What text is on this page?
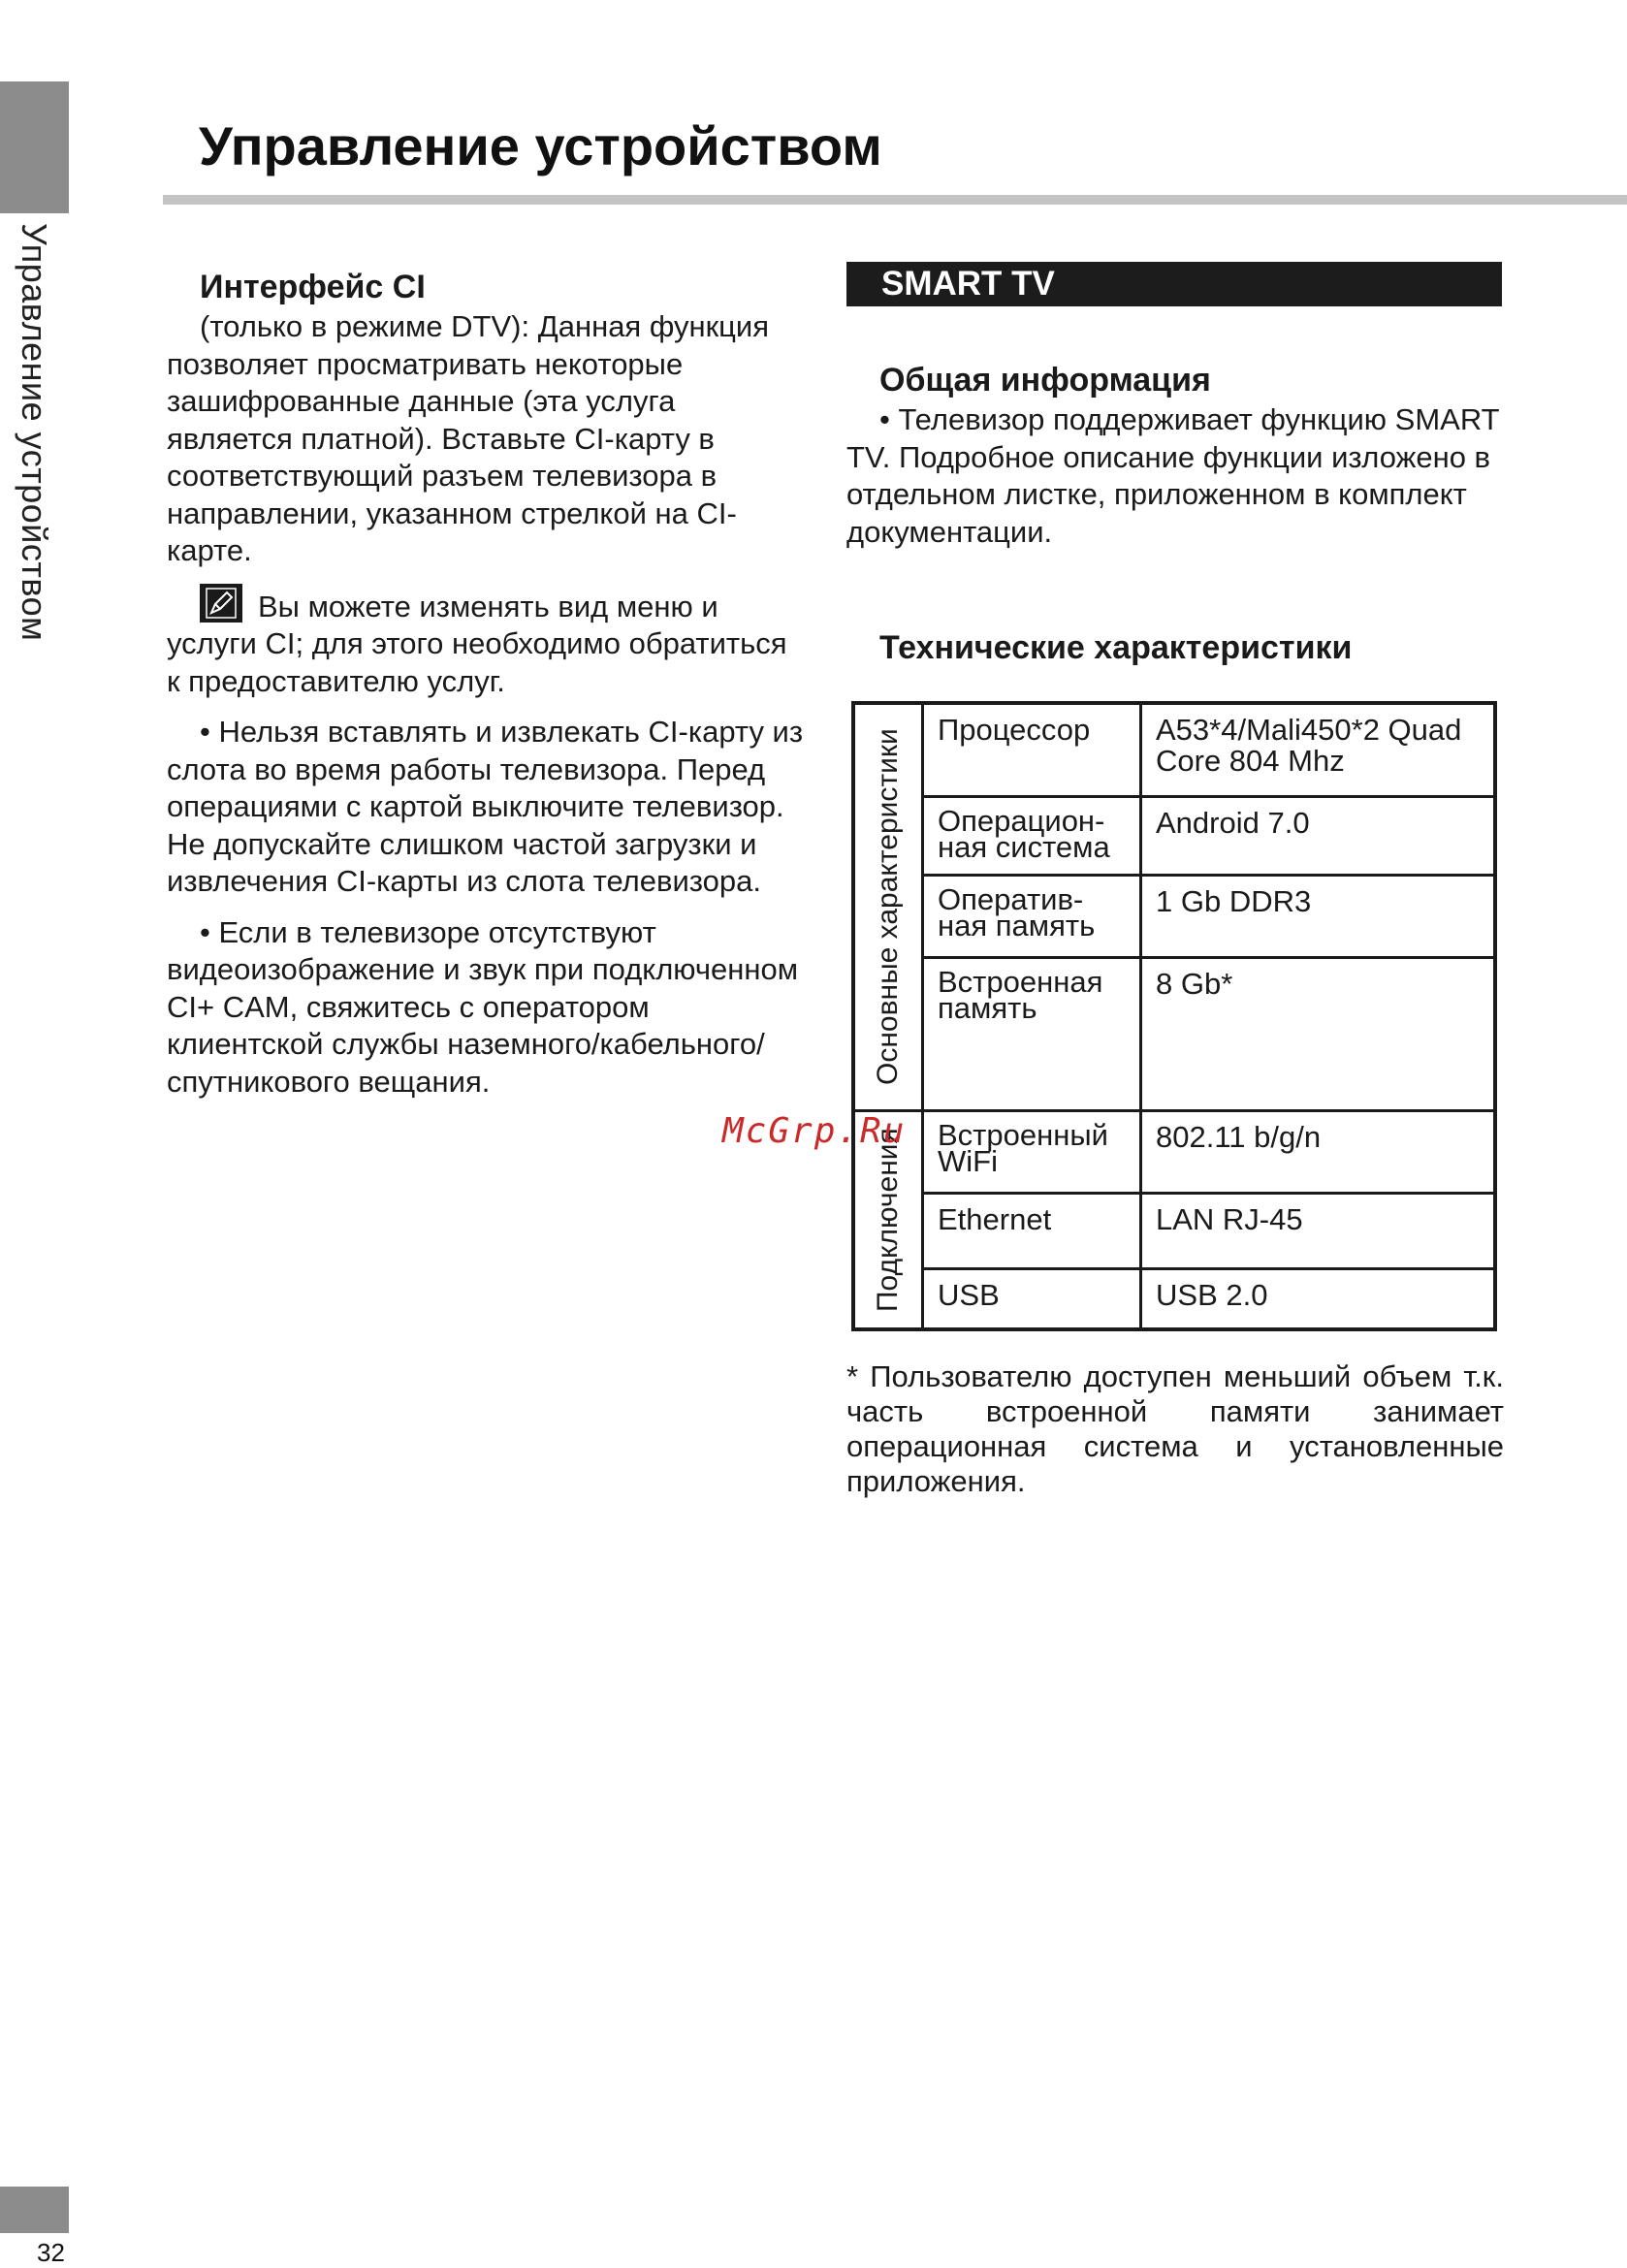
Управление устройством
Управление устройством
Интерфейс CI

(только в режиме DTV): Данная функция позволяет просматривать некоторые зашифрованные данные (эта услуга является платной). Вставьте CI-карту в соответствующий разъем телевизора в направлении, указанном стрелкой на CI-карте.

Вы можете изменять вид меню и услуги CI; для этого необходимо обратиться к предоставителю услуг.

• Нельзя вставлять и извлекать CI-карту из слота во время работы телевизора. Перед операциями с картой выключите телевизор. Не допускайте слишком частой загрузки и извлечения CI-карты из слота телевизора.

• Если в телевизоре отсутствуют видеоизображение и звук при подключенном CI+ CAM, свяжитесь с оператором клиентской службы наземного/кабельного/спутникового вещания.

SMART TV
Общая информация

• Телевизор поддерживает функцию SMART TV. Подробное описание функции изложено в отдельном листке, приложенном в комплект документации.

Технические характеристики
Основные характеристики	Процессор	A53*4/Mali450*2 Quad Core 804 Mhz
	Операцион-ная система	Android 7.0
	Оператив-ная память	1 Gb DDR3
	Встроенная память	8 Gb*

Подключения	Встроенный WiFi	802.11 b/g/n
	Ethernet	LAN RJ-45
	USB	USB 2.0
McGrp.Ru

* Пользователю доступен меньший объем т.к. часть встроенной памяти занимает операционная система и установленные приложения.

32
